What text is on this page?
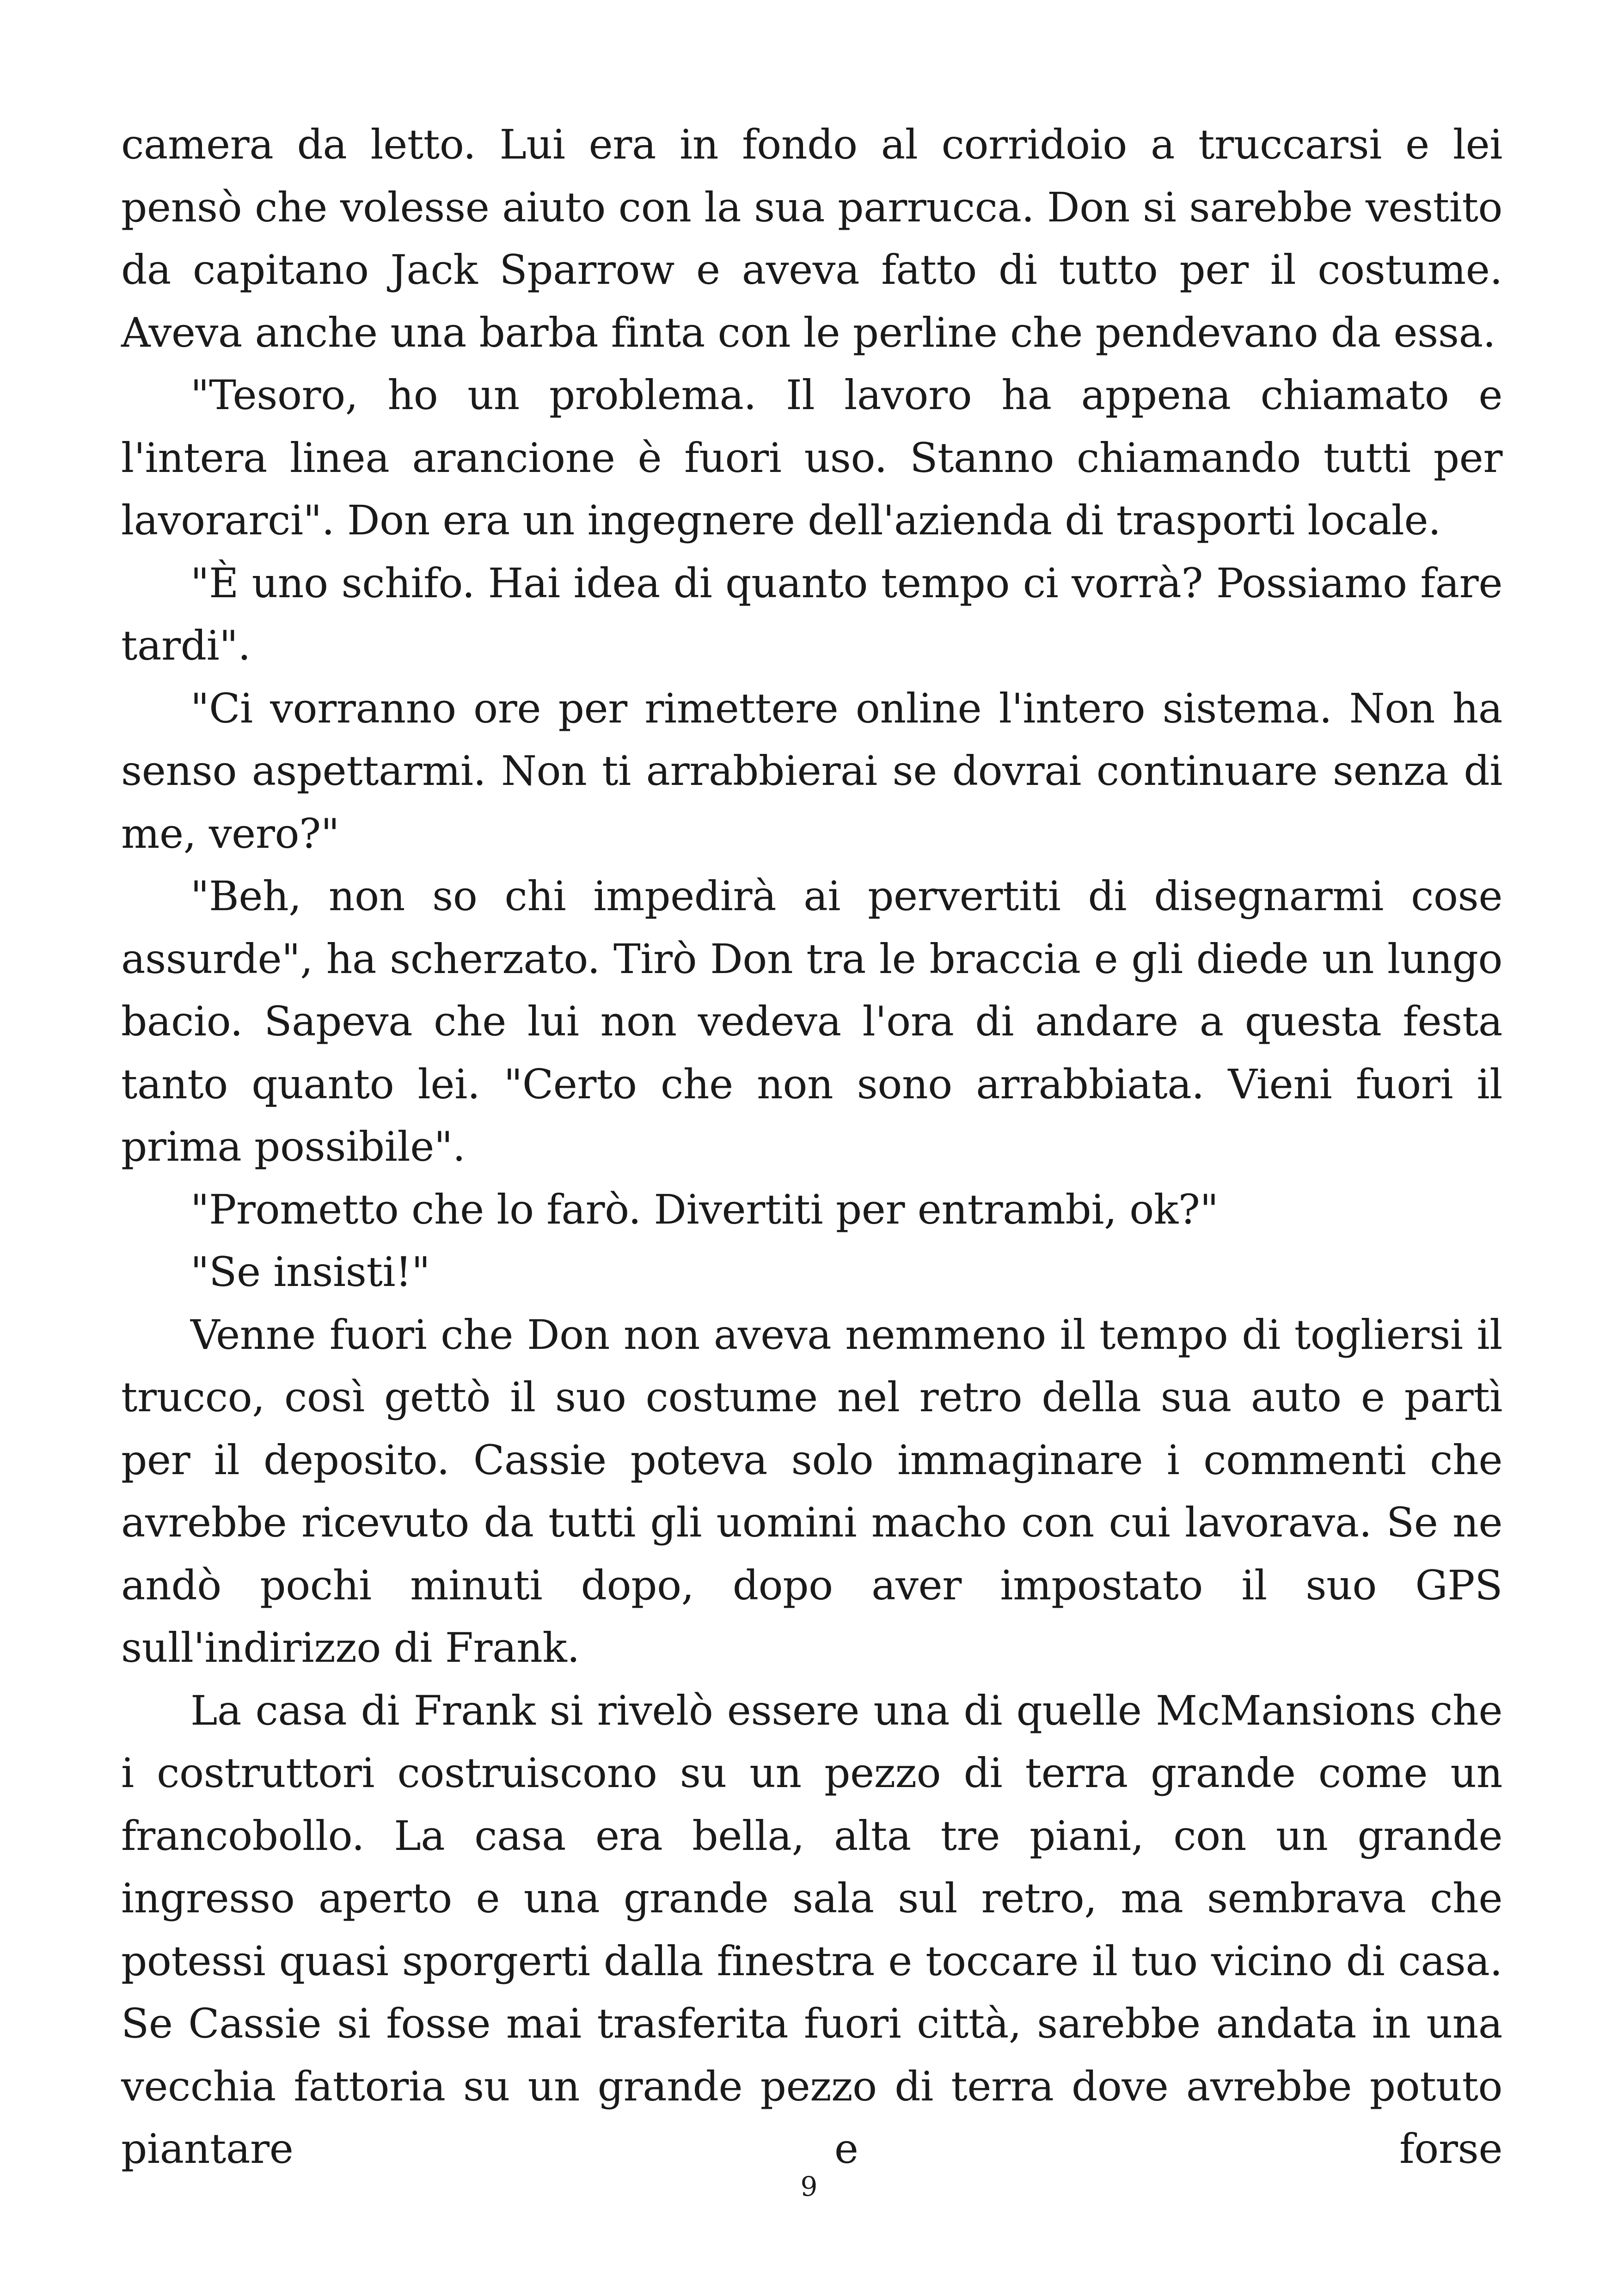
camera da letto. Lui era in fondo al corridoio a truccarsi e lei pensò che volesse aiuto con la sua parrucca. Don si sarebbe vestito da capitano Jack Sparrow e aveva fatto di tutto per il costume. Aveva anche una barba finta con le perline che pendevano da essa.

"Tesoro, ho un problema. Il lavoro ha appena chiamato e l'intera linea arancione è fuori uso. Stanno chiamando tutti per lavorarci". Don era un ingegnere dell'azienda di trasporti locale.

"È uno schifo. Hai idea di quanto tempo ci vorrà? Possiamo fare tardi".

"Ci vorranno ore per rimettere online l'intero sistema. Non ha senso aspettarmi. Non ti arrabbierai se dovrai continuare senza di me, vero?"

"Beh, non so chi impedirà ai pervertiti di disegnarmi cose assurde", ha scherzato. Tirò Don tra le braccia e gli diede un lungo bacio. Sapeva che lui non vedeva l'ora di andare a questa festa tanto quanto lei. "Certo che non sono arrabbiata. Vieni fuori il prima possibile".

"Prometto che lo farò. Divertiti per entrambi, ok?"

"Se insisti!"

Venne fuori che Don non aveva nemmeno il tempo di togliersi il trucco, così gettò il suo costume nel retro della sua auto e partì per il deposito. Cassie poteva solo immaginare i commenti che avrebbe ricevuto da tutti gli uomini macho con cui lavorava. Se ne andò pochi minuti dopo, dopo aver impostato il suo GPS sull'indirizzo di Frank.

La casa di Frank si rivelò essere una di quelle McMansions che i costruttori costruiscono su un pezzo di terra grande come un francobollo. La casa era bella, alta tre piani, con un grande ingresso aperto e una grande sala sul retro, ma sembrava che potessi quasi sporgerti dalla finestra e toccare il tuo vicino di casa. Se Cassie si fosse mai trasferita fuori città, sarebbe andata in una vecchia fattoria su un grande pezzo di terra dove avrebbe potuto piantare e forse

9
